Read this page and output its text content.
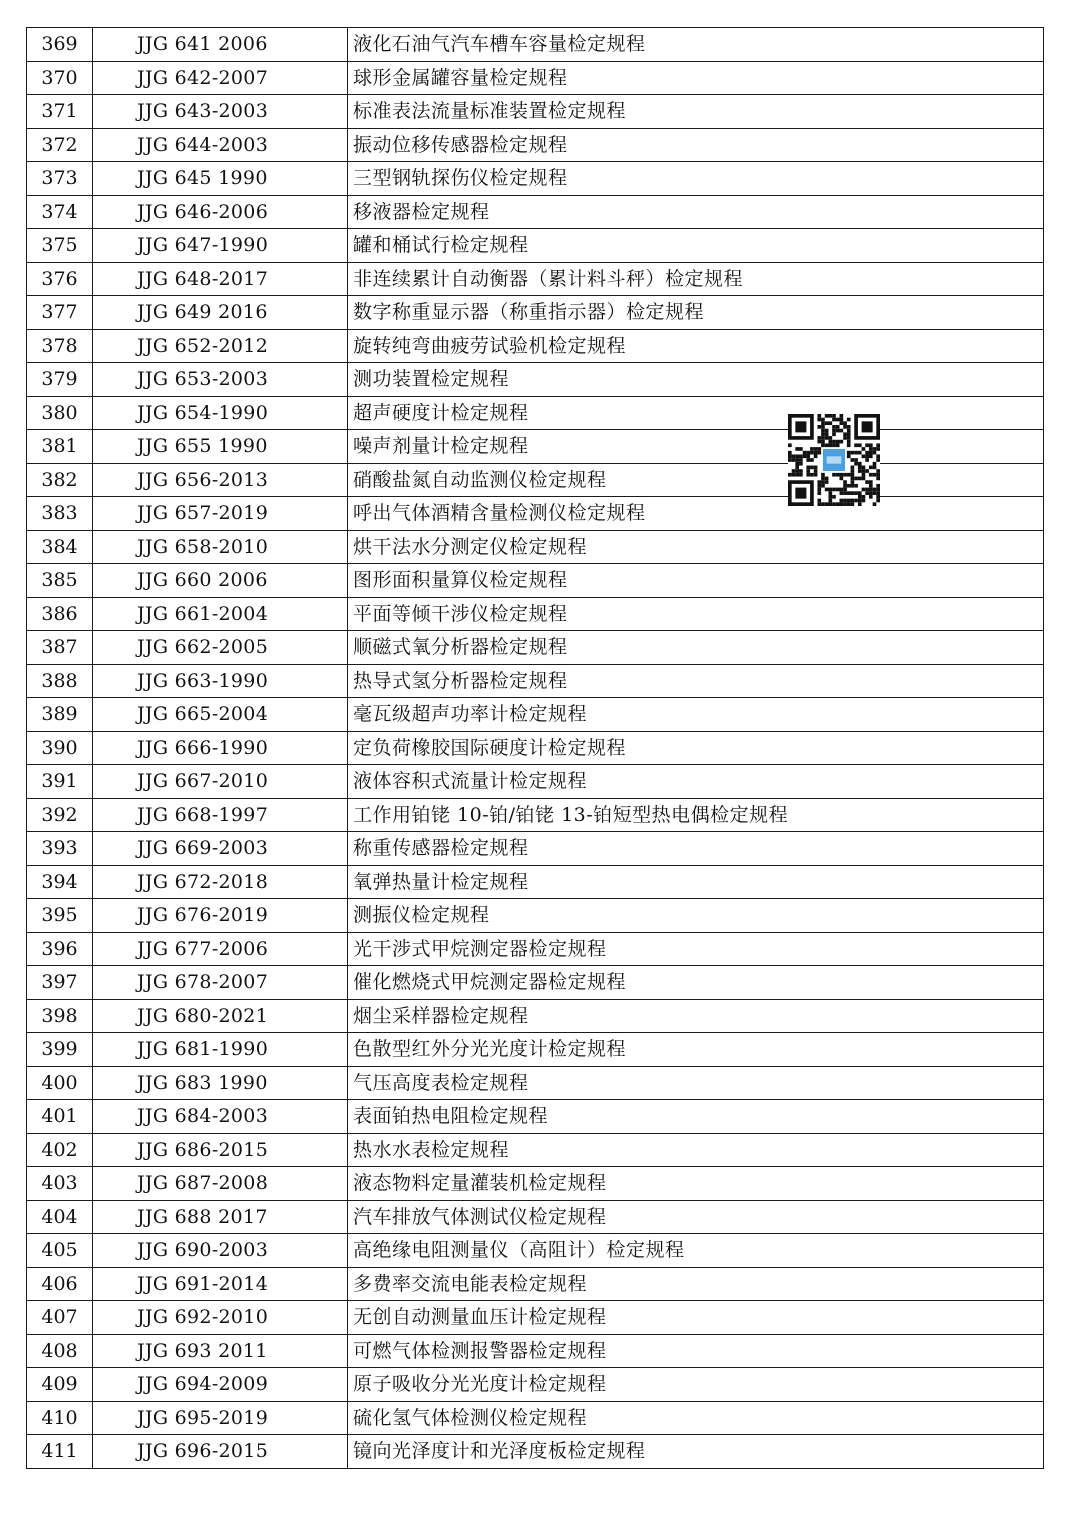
369	JJG 641 2006	液化石油气汽车槽车容量检定规程
370	JJG 642-2007	球形金属罐容量检定规程
371	JJG 643-2003	标准表法流量标准装置检定规程
372	JJG 644-2003	振动位移传感器检定规程
373	JJG 645 1990	三型钢轨探伤仪检定规程
374	JJG 646-2006	移液器检定规程
375	JJG 647-1990	罐和桶试行检定规程
376	JJG 648-2017	非连续累计自动衡器（累计料斗秤）检定规程
377	JJG 649 2016	数字称重显示器（称重指示器）检定规程
378	JJG 652-2012	旋转纯弯曲疲劳试验机检定规程
379	JJG 653-2003	测功装置检定规程
380	JJG 654-1990	超声硬度计检定规程
381	JJG 655 1990	噪声剂量计检定规程
382	JJG 656-2013	硝酸盐氮自动监测仪检定规程
383	JJG 657-2019	呼出气体酒精含量检测仪检定规程
384	JJG 658-2010	烘干法水分测定仪检定规程
385	JJG 660 2006	图形面积量算仪检定规程
386	JJG 661-2004	平面等倾干涉仪检定规程
387	JJG 662-2005	顺磁式氧分析器检定规程
388	JJG 663-1990	热导式氢分析器检定规程
389	JJG 665-2004	毫瓦级超声功率计检定规程
390	JJG 666-1990	定负荷橡胶国际硬度计检定规程
391	JJG 667-2010	液体容积式流量计检定规程
392	JJG 668-1997	工作用铂铑 10-铂/铂铑 13-铂短型热电偶检定规程
393	JJG 669-2003	称重传感器检定规程
394	JJG 672-2018	氧弹热量计检定规程
395	JJG 676-2019	测振仪检定规程
396	JJG 677-2006	光干涉式甲烷测定器检定规程
397	JJG 678-2007	催化燃烧式甲烷测定器检定规程
398	JJG 680-2021	烟尘采样器检定规程
399	JJG 681-1990	色散型红外分光光度计检定规程
400	JJG 683 1990	气压高度表检定规程
401	JJG 684-2003	表面铂热电阻检定规程
402	JJG 686-2015	热水水表检定规程
403	JJG 687-2008	液态物料定量灌装机检定规程
404	JJG 688 2017	汽车排放气体测试仪检定规程
405	JJG 690-2003	高绝缘电阻测量仪（高阻计）检定规程
406	JJG 691-2014	多费率交流电能表检定规程
407	JJG 692-2010	无创自动测量血压计检定规程
408	JJG 693 2011	可燃气体检测报警器检定规程
409	JJG 694-2009	原子吸收分光光度计检定规程
410	JJG 695-2019	硫化氢气体检测仪检定规程
411	JJG 696-2015	镜向光泽度计和光泽度板检定规程
